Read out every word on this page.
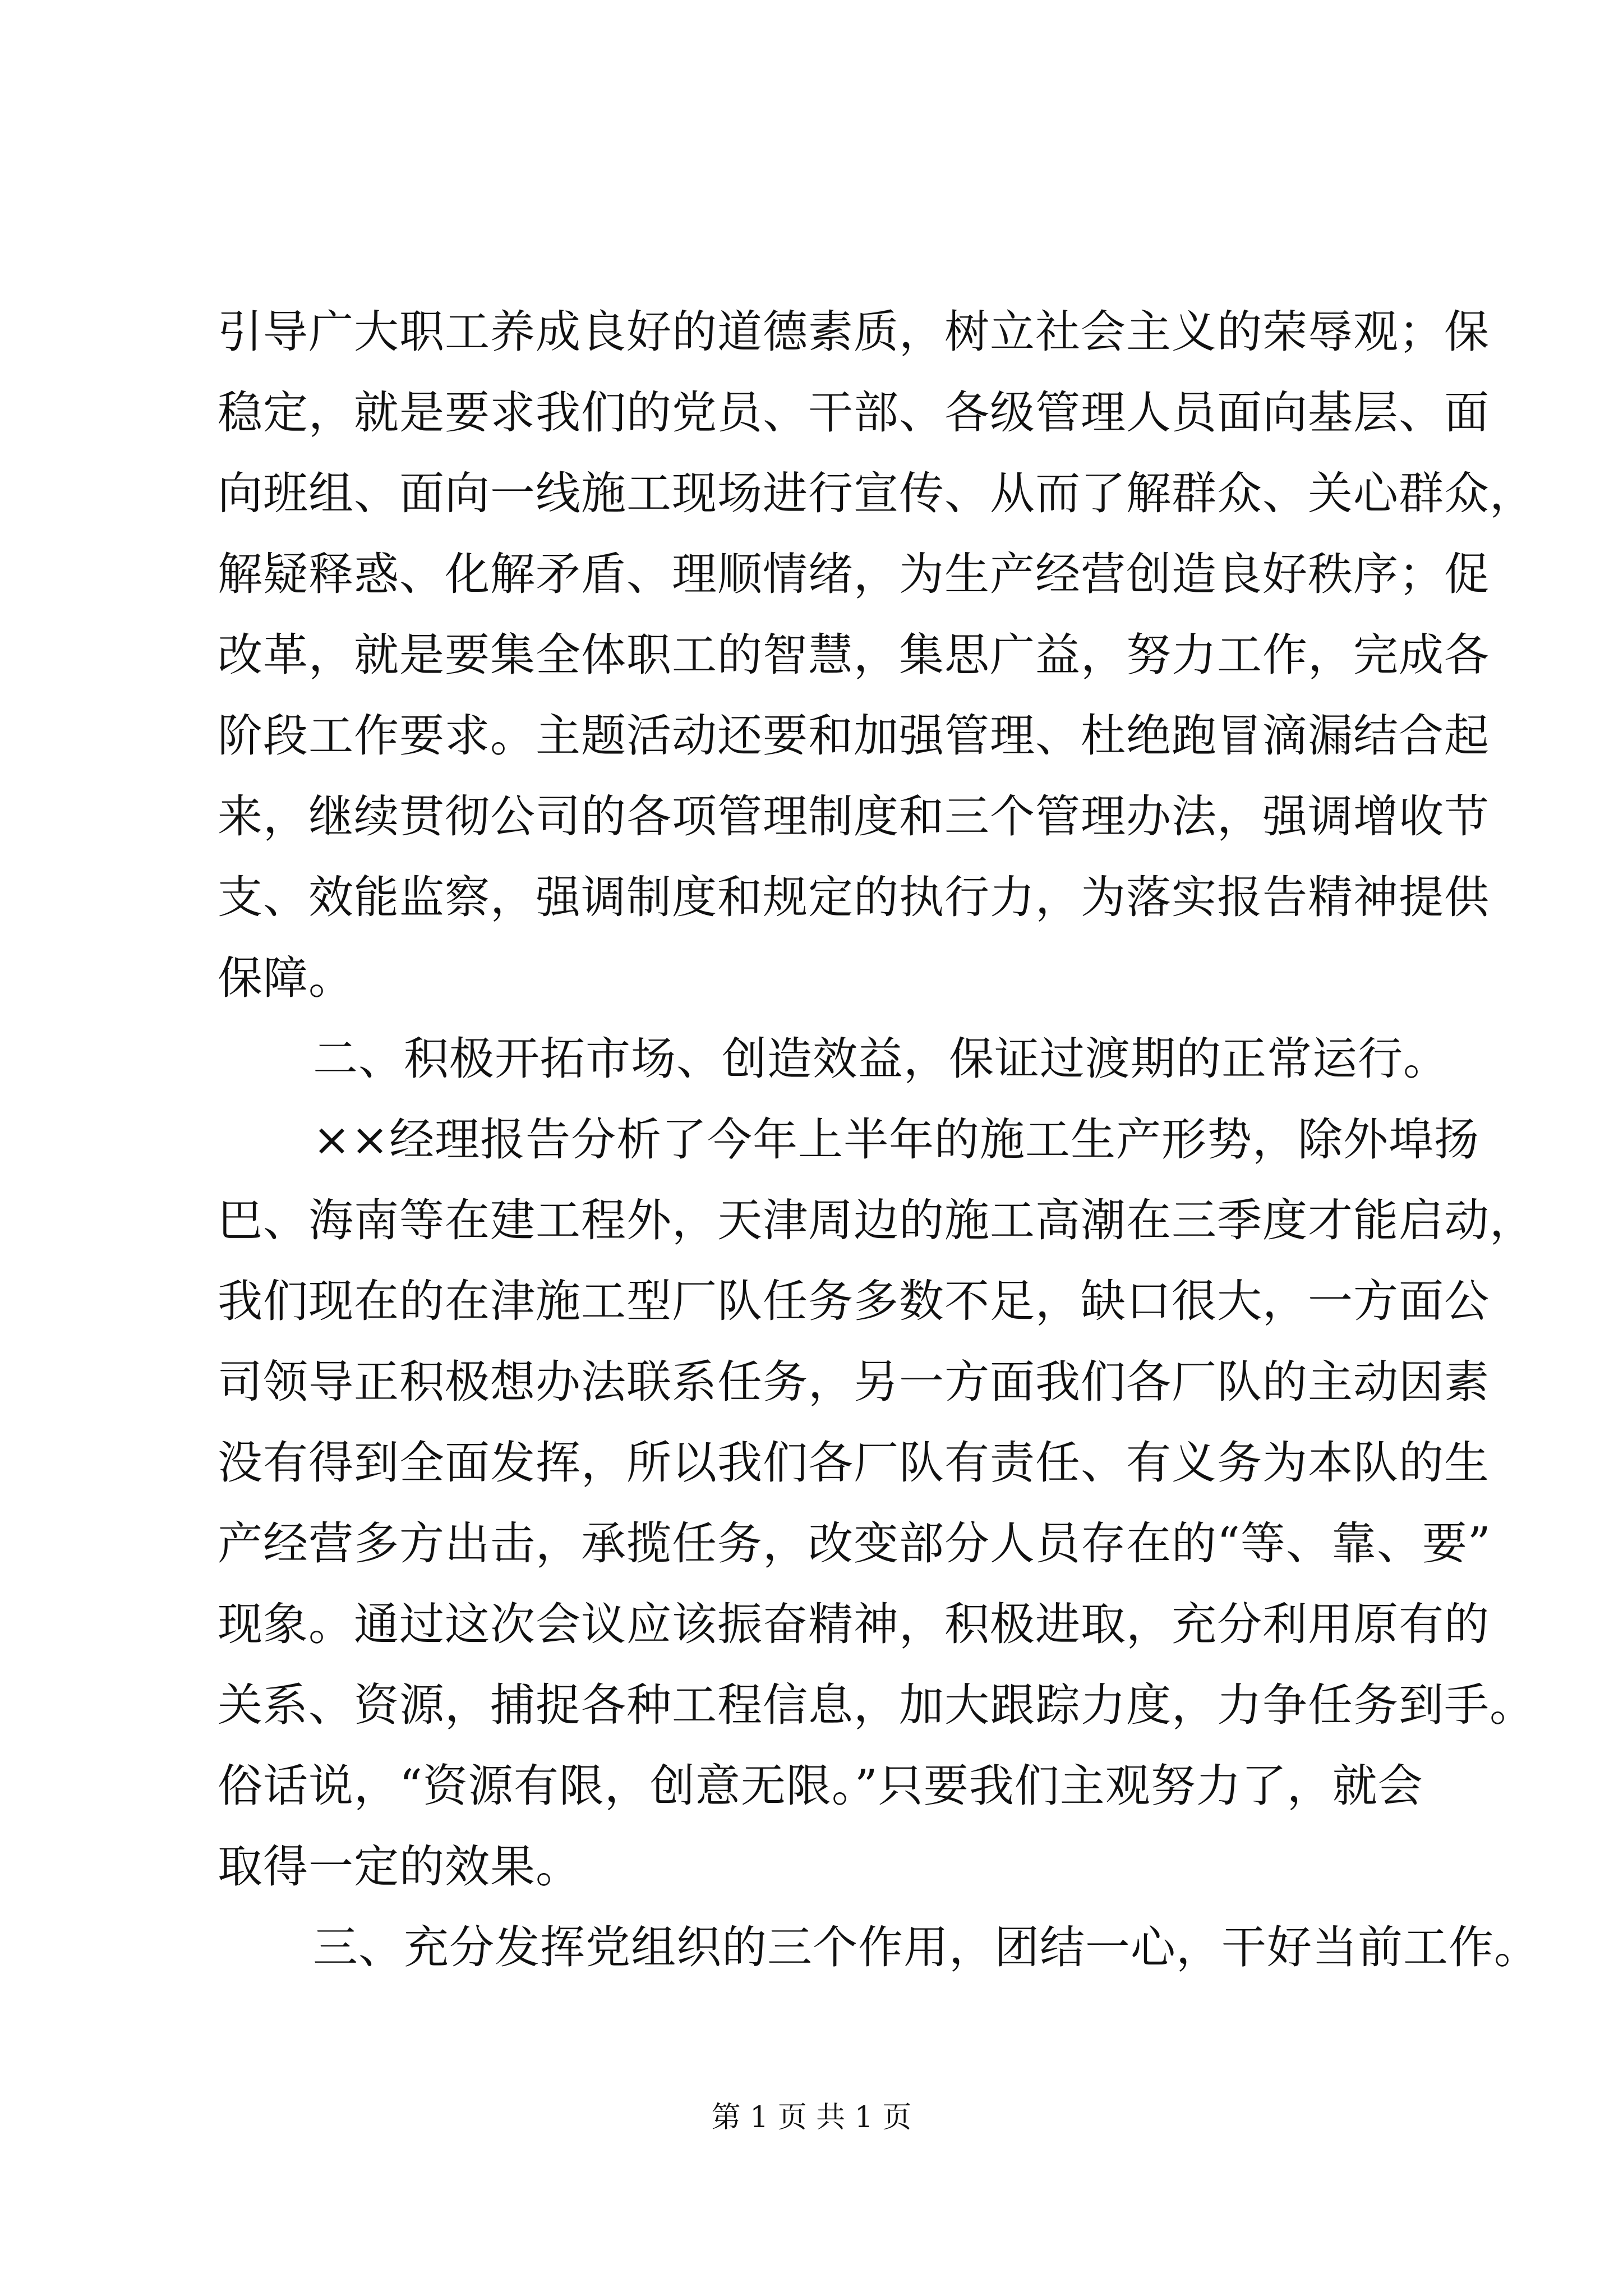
引导广大职工养成良好的道德素质，树立社会主义的荣辱观；保
稳定，就是要求我们的党员、干部、各级管理人员面向基层、面
向班组、面向一线施工现场进行宣传、从而了解群众、关心群众，
解疑释惑、化解矛盾、理顺情绪，为生产经营创造良好秩序；促
改革，就是要集全体职工的智慧，集思广益，努力工作，完成各
阶段工作要求。主题活动还要和加强管理、杜绝跑冒滴漏结合起
来，继续贯彻公司的各项管理制度和三个管理办法，强调增收节
支、效能监察，强调制度和规定的执行力，为落实报告精神提供
保障。
二、积极开拓市场、创造效益，保证过渡期的正常运行。
××经理报告分析了今年上半年的施工生产形势，除外埠扬
巴、海南等在建工程外，天津周边的施工高潮在三季度才能启动，
我们现在的在津施工型厂队任务多数不足，缺口很大，一方面公
司领导正积极想办法联系任务，另一方面我们各厂队的主动因素
没有得到全面发挥，所以我们各厂队有责任、有义务为本队的生
产经营多方出击，承揽任务，改变部分人员存在的“等、靠、要”
现象。通过这次会议应该振奋精神，积极进取，充分利用原有的
关系、资源，捕捉各种工程信息，加大跟踪力度，力争任务到手。
俗话说，“资源有限，创意无限。”只要我们主观努力了，就会
取得一定的效果。
三、充分发挥党组织的三个作用，团结一心，干好当前工作。
第 1 页 共 1 页
